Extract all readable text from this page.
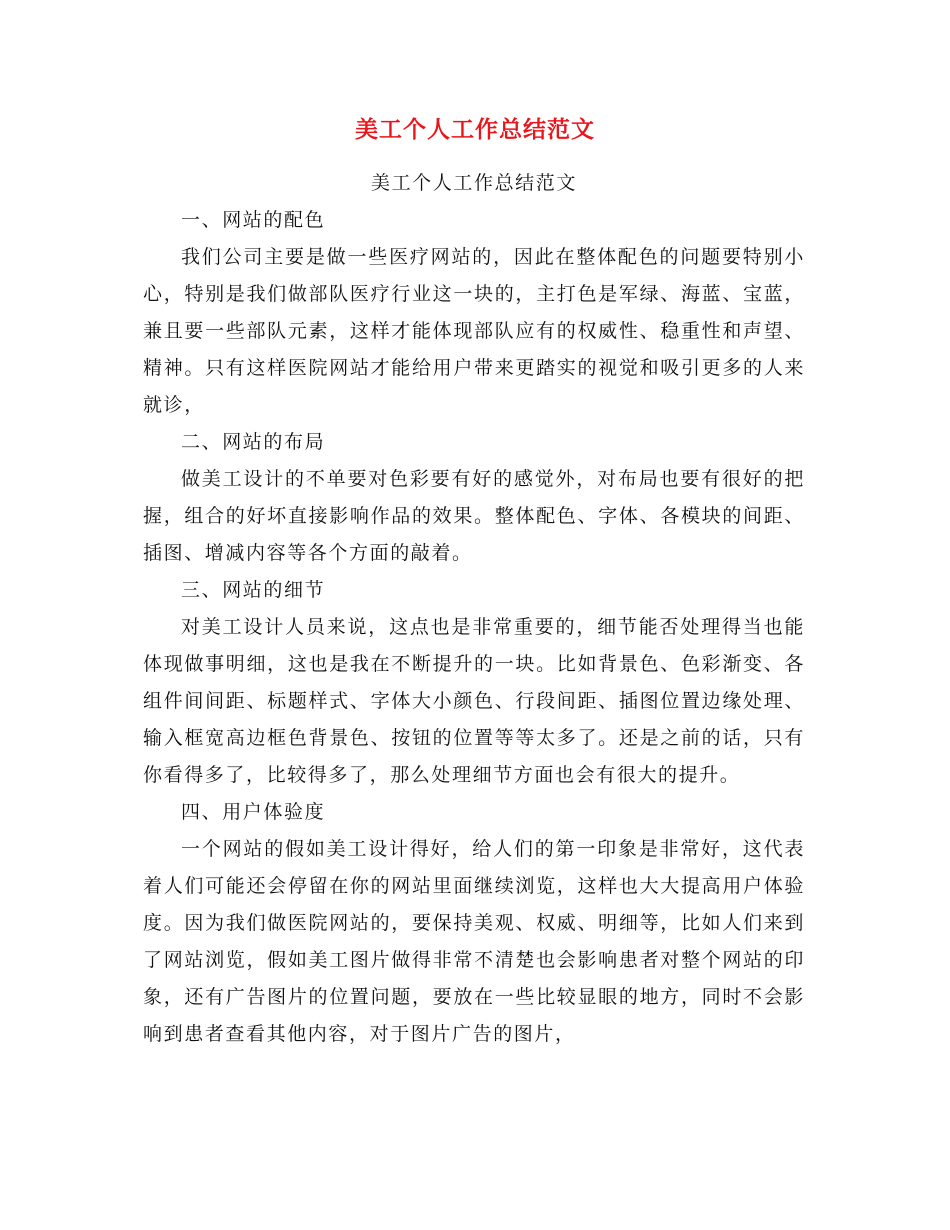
美工个人工作总结范文

美工个人工作总结范文

一、网站的配色

我们公司主要是做一些医疗网站的，因此在整体配色的问题要特别小心，特别是我们做部队医疗行业这一块的，主打色是军绿、海蓝、宝蓝，兼且要一些部队元素，这样才能体现部队应有的权威性、稳重性和声望、精神。只有这样医院网站才能给用户带来更踏实的视觉和吸引更多的人来就诊，

二、网站的布局

做美工设计的不单要对色彩要有好的感觉外，对布局也要有很好的把握，组合的好坏直接影响作品的效果。整体配色、字体、各模块的间距、插图、增减内容等各个方面的敲着。

三、网站的细节

对美工设计人员来说，这点也是非常重要的，细节能否处理得当也能体现做事明细，这也是我在不断提升的一块。比如背景色、色彩渐变、各组件间间距、标题样式、字体大小颜色、行段间距、插图位置边缘处理、输入框宽高边框色背景色、按钮的位置等等太多了。还是之前的话，只有你看得多了，比较得多了，那么处理细节方面也会有很大的提升。

四、用户体验度

一个网站的假如美工设计得好，给人们的第一印象是非常好，这代表着人们可能还会停留在你的网站里面继续浏览，这样也大大提高用户体验度。因为我们做医院网站的，要保持美观、权威、明细等，比如人们来到了网站浏览，假如美工图片做得非常不清楚也会影响患者对整个网站的印象，还有广告图片的位置问题，要放在一些比较显眼的地方，同时不会影响到患者查看其他内容，对于图片广告的图片，
